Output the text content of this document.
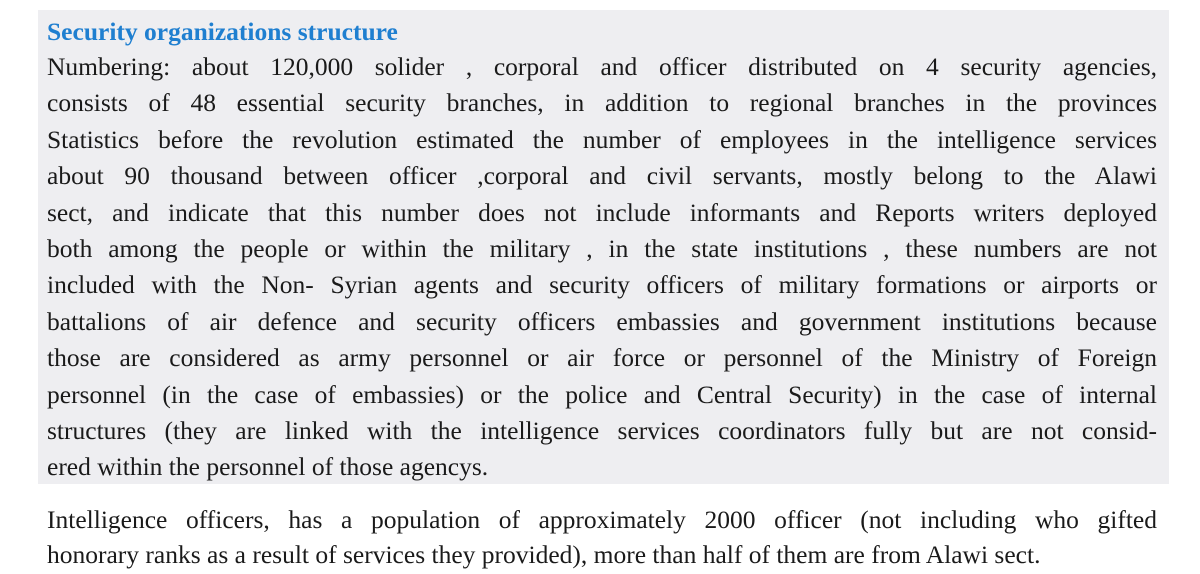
Security organizations structure
Numbering: about 120,000 solider , corporal and officer distributed on 4 security agencies,
consists of 48 essential security branches, in addition to regional branches in the provinces
Statistics before the revolution estimated the number of employees in the intelligence services
about 90 thousand between officer ,corporal and civil servants, mostly belong to the Alawi
sect, and indicate that this number does not include informants and Reports writers deployed
both among the people or within the military , in the state institutions , these numbers are not
included with the Non- Syrian agents and security officers of military formations or airports or
battalions of air defence and security officers embassies and government institutions because
those are considered as army personnel or air force or personnel of the Ministry of Foreign
personnel (in the case of embassies) or the police and Central Security) in the case of internal
structures (they are linked with the intelligence services coordinators fully but are not consid-
ered within the personnel of those agencys.
Intelligence officers, has a population of approximately 2000 officer (not including who gifted
honorary ranks as a result of services they provided), more than half of them are from Alawi sect.
